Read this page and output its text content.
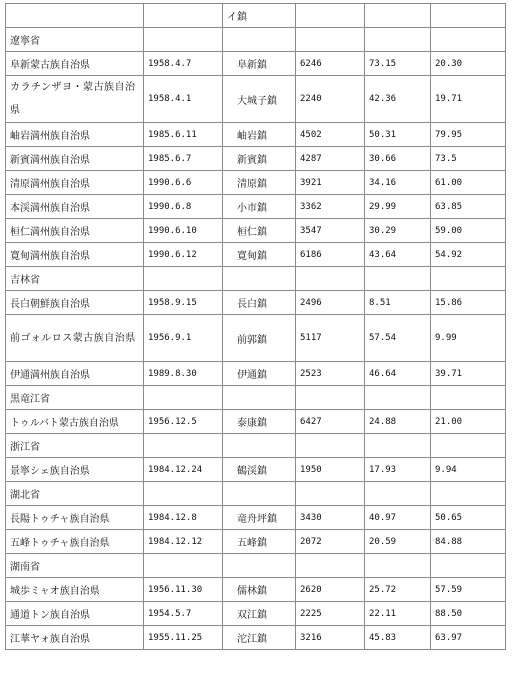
		イ鎮			
遼寧省					
阜新蒙古族自治県	1958.4.7	阜新鎮	6246	73.15	20.30
カラチンザヨ・蒙古族自治県	1958.4.1	大城子鎮	2240	42.36	19.71
岫岩満州族自治県	1985.6.11	岫岩鎮	4502	50.31	79.95
新賓満州族自治県	1985.6.7	新賓鎮	4287	30.66	73.5
清原満州族自治県	1990.6.6	清原鎮	3921	34.16	61.00
本渓満州族自治県	1990.6.8	小市鎮	3362	29.99	63.85
桓仁満州族自治県	1990.6.10	桓仁鎮	3547	30.29	59.00
寛甸満州族自治県	1990.6.12	寛甸鎮	6186	43.64	54.92
吉林省					
長白朝鮮族自治県	1958.9.15	長白鎮	2496	8.51	15.86
前ゴォルロス蒙古族自治県	1956.9.1	前郭鎮	5117	57.54	9.99
伊通満州族自治県	1989.8.30	伊通鎮	2523	46.64	39.71
黒竜江省					
トゥルバト蒙古族自治県	1956.12.5	泰康鎮	6427	24.88	21.00
浙江省					
景寧シェ族自治県	1984.12.24	鶴渓鎮	1950	17.93	9.94
湖北省					
長陽トゥチャ族自治県	1984.12.8	竜舟坪鎮	3430	40.97	50.65
五峰トゥチャ族自治県	1984.12.12	五峰鎮	2072	20.59	84.88
湖南省					
城歩ミャオ族自治県	1956.11.30	儒林鎮	2620	25.72	57.59
通道トン族自治県	1954.5.7	双江鎮	2225	22.11	88.50
江華ヤォ族自治県	1955.11.25	沱江鎮	3216	45.83	63.97
